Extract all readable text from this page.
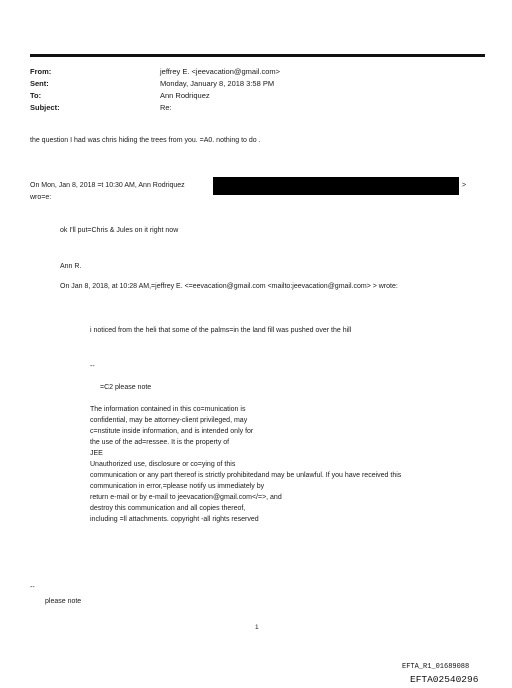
From:
Sent:
To:
Subject:
jeffrey E. <jeevacation@gmail.com>
Monday, January 8, 2018 3:58 PM
Ann Rodriquez
Re:
the question I had was chris hiding the trees from you. =A0. nothing to do .
On Mon, Jan 8, 2018 =t 10:30 AM, Ann Rodriquez	>
wro=e:
ok I'll put=Chris & Jules on it right now
Ann R.
On Jan 8, 2018, at 10:28 AM,=jeffrey E. <=eevacation@gmail.com <mailto:jeevacation@gmail.com> > wrote:
i noticed from the heli that some of the palms=in the land fill was pushed over the hill
--
=C2 please note
The information contained in this co=munication is
confidential, may be attorney-client privileged, may
c=nstitute inside information, and is intended only for
the use of the ad=ressee. It is the property of
JEE
Unauthorized use, disclosure or co=ying of this
communication or any part thereof is strictly prohibitedand may be unlawful. If you have received this
communication in error,=please notify us immediately by
return e-mail or by e-mail to jeevacation@gmail.com</=>, and
destroy this communication and all copies thereof,
including =ll attachments. copyright -all rights reserved
--
please note
1
EFTA_R1_01689088
EFTA02540296
